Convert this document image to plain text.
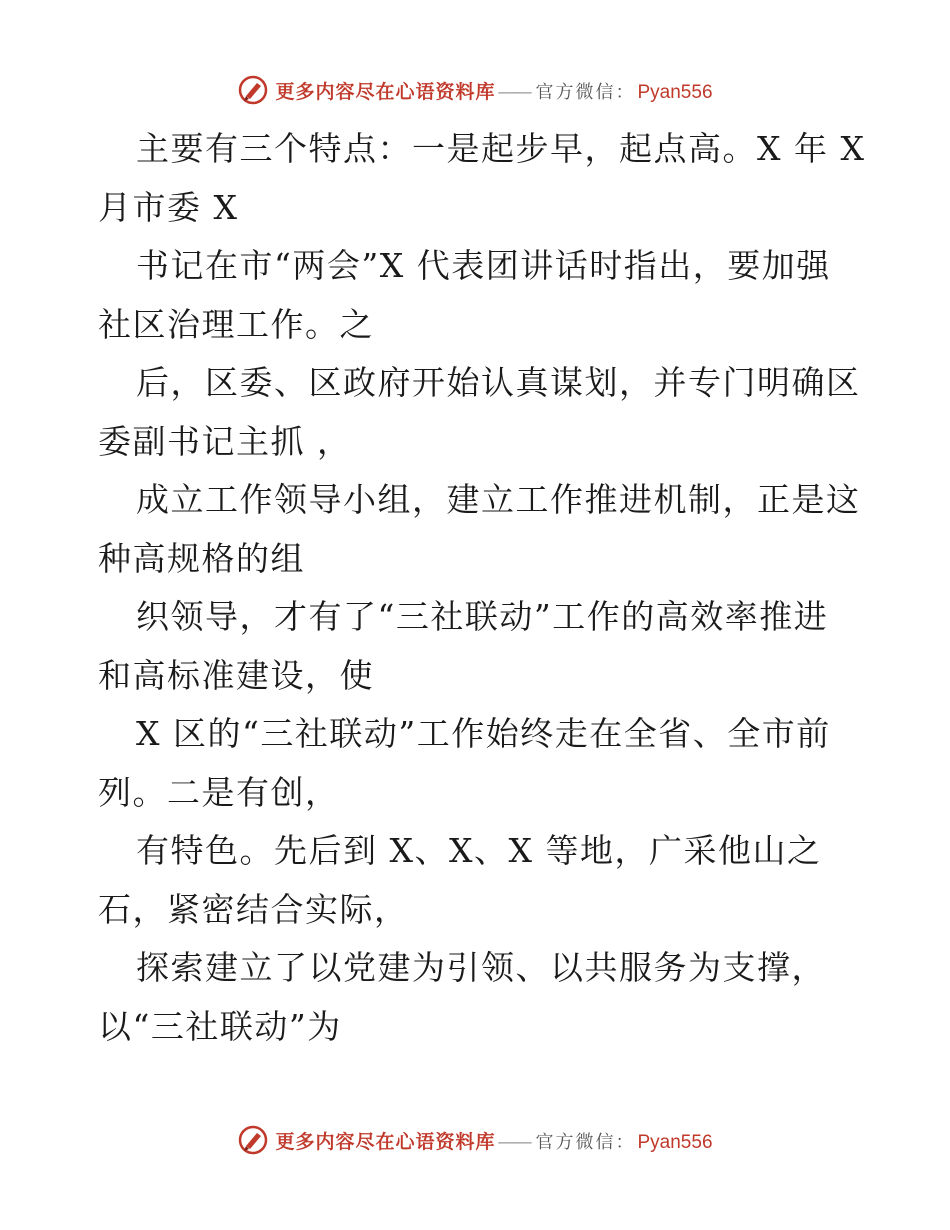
更多内容尽在心语资料库 —— 官方微信： Pyan556

主要有三个特点：一是起步早，起点高。X 年 X

月市委 X

书记在市“两会”X 代表团讲话时指出，要加强

社区治理工作。之

后，区委、区政府开始认真谋划，并专门明确区

委副书记主抓 ，

成立工作领导小组，建立工作推进机制，正是这

种高规格的组

织领导，才有了“三社联动”工作的高效率推进

和高标准建设，使

X 区的“三社联动”工作始终走在全省、全市前

列。二是有创，

有特色。先后到 X、X、X 等地，广采他山之

石，紧密结合实际，

探索建立了以党建为引领、以共服务为支撑，

以“三社联动”为

更多内容尽在心语资料库 —— 官方微信： Pyan556
